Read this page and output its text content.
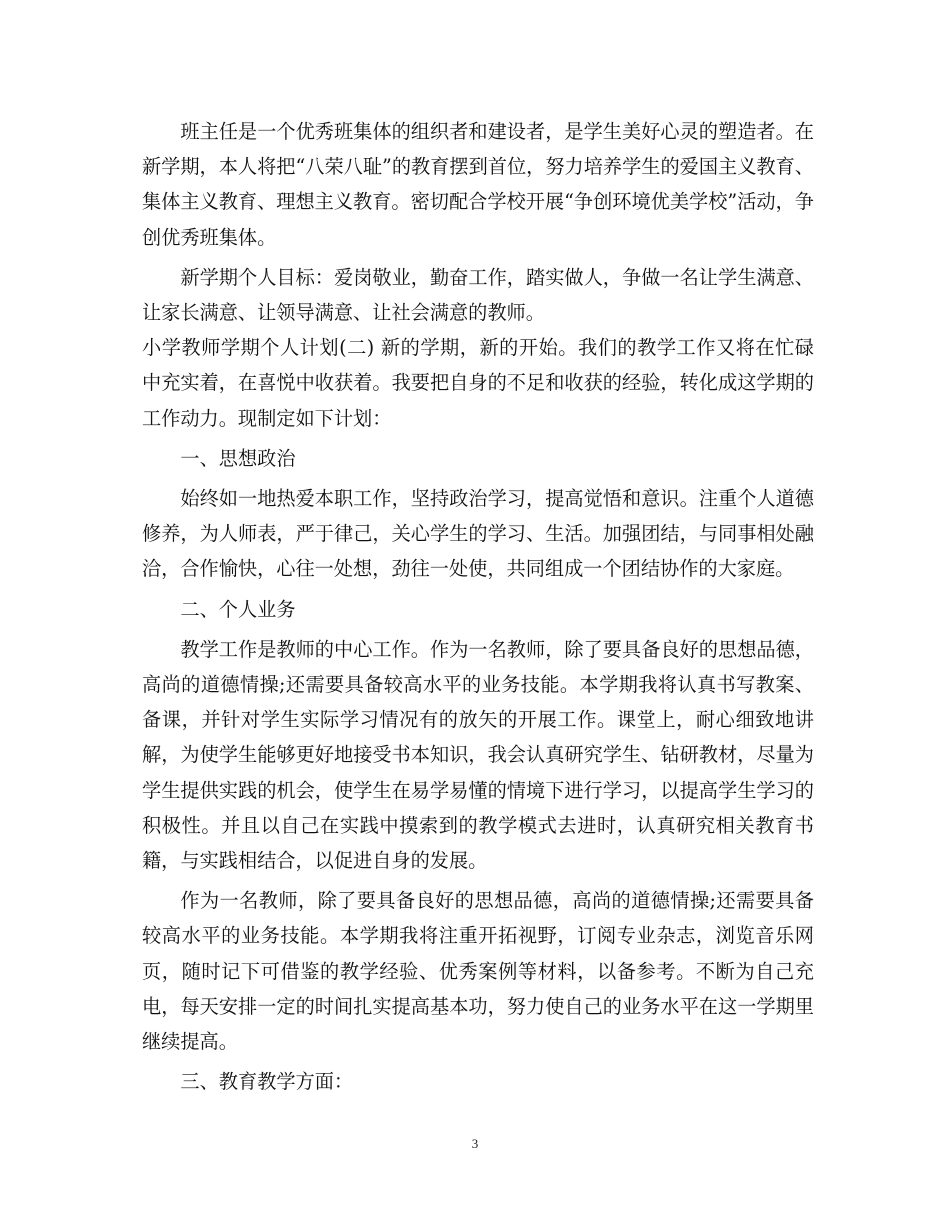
班主任是一个优秀班集体的组织者和建设者，是学生美好心灵的塑造者。在新学期，本人将把“八荣八耻”的教育摆到首位，努力培养学生的爱国主义教育、集体主义教育、理想主义教育。密切配合学校开展“争创环境优美学校”活动，争创优秀班集体。

新学期个人目标：爱岗敬业，勤奋工作，踏实做人，争做一名让学生满意、让家长满意、让领导满意、让社会满意的教师。

小学教师学期个人计划(二) 新的学期，新的开始。我们的教学工作又将在忙碌中充实着，在喜悦中收获着。我要把自身的不足和收获的经验，转化成这学期的工作动力。现制定如下计划：

一、思想政治

始终如一地热爱本职工作，坚持政治学习，提高觉悟和意识。注重个人道德修养，为人师表，严于律己，关心学生的学习、生活。加强团结，与同事相处融洽，合作愉快，心往一处想，劲往一处使，共同组成一个团结协作的大家庭。

二、个人业务

教学工作是教师的中心工作。作为一名教师，除了要具备良好的思想品德，高尚的道德情操;还需要具备较高水平的业务技能。本学期我将认真书写教案、备课，并针对学生实际学习情况有的放矢的开展工作。课堂上，耐心细致地讲解，为使学生能够更好地接受书本知识，我会认真研究学生、钻研教材，尽量为学生提供实践的机会，使学生在易学易懂的情境下进行学习，以提高学生学习的积极性。并且以自己在实践中摸索到的教学模式去进时，认真研究相关教育书籍，与实践相结合，以促进自身的发展。

作为一名教师，除了要具备良好的思想品德，高尚的道德情操;还需要具备较高水平的业务技能。本学期我将注重开拓视野，订阅专业杂志，浏览音乐网页，随时记下可借鉴的教学经验、优秀案例等材料，以备参考。不断为自己充电，每天安排一定的时间扎实提高基本功，努力使自己的业务水平在这一学期里继续提高。

三、教育教学方面：

3
